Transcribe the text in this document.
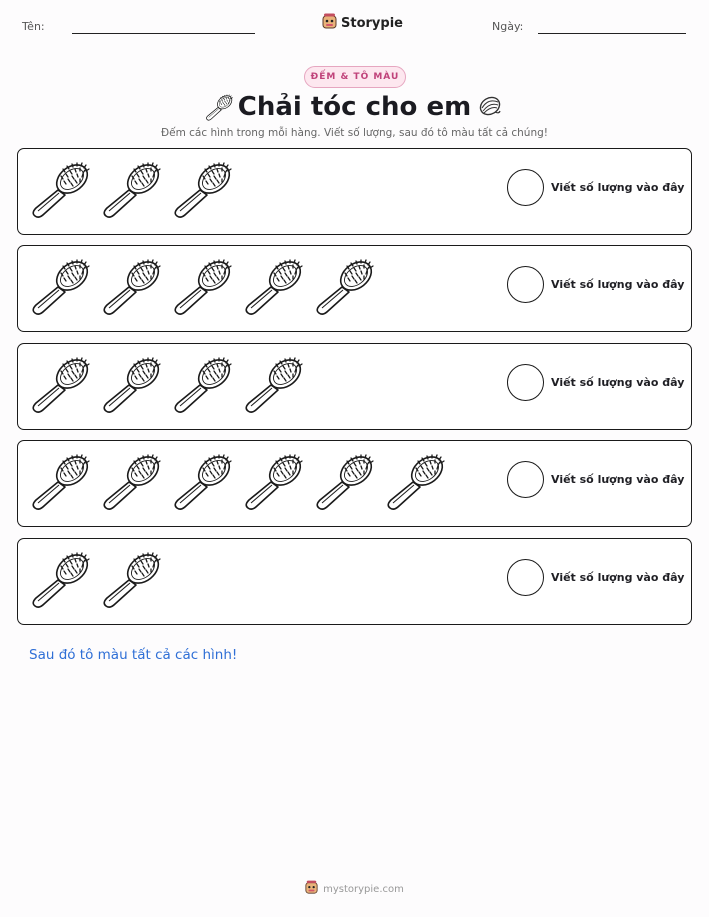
Tên:	Storypie	Ngày:
ĐẾM & TÔ MÀU
Chải tóc cho em
Đếm các hình trong mỗi hàng. Viết số lượng, sau đó tô màu tất cả chúng!
Viết số lượng vào đây
Viết số lượng vào đây
Viết số lượng vào đây
Viết số lượng vào đây
Viết số lượng vào đây
Sau đó tô màu tất cả các hình!
mystorypie.com
